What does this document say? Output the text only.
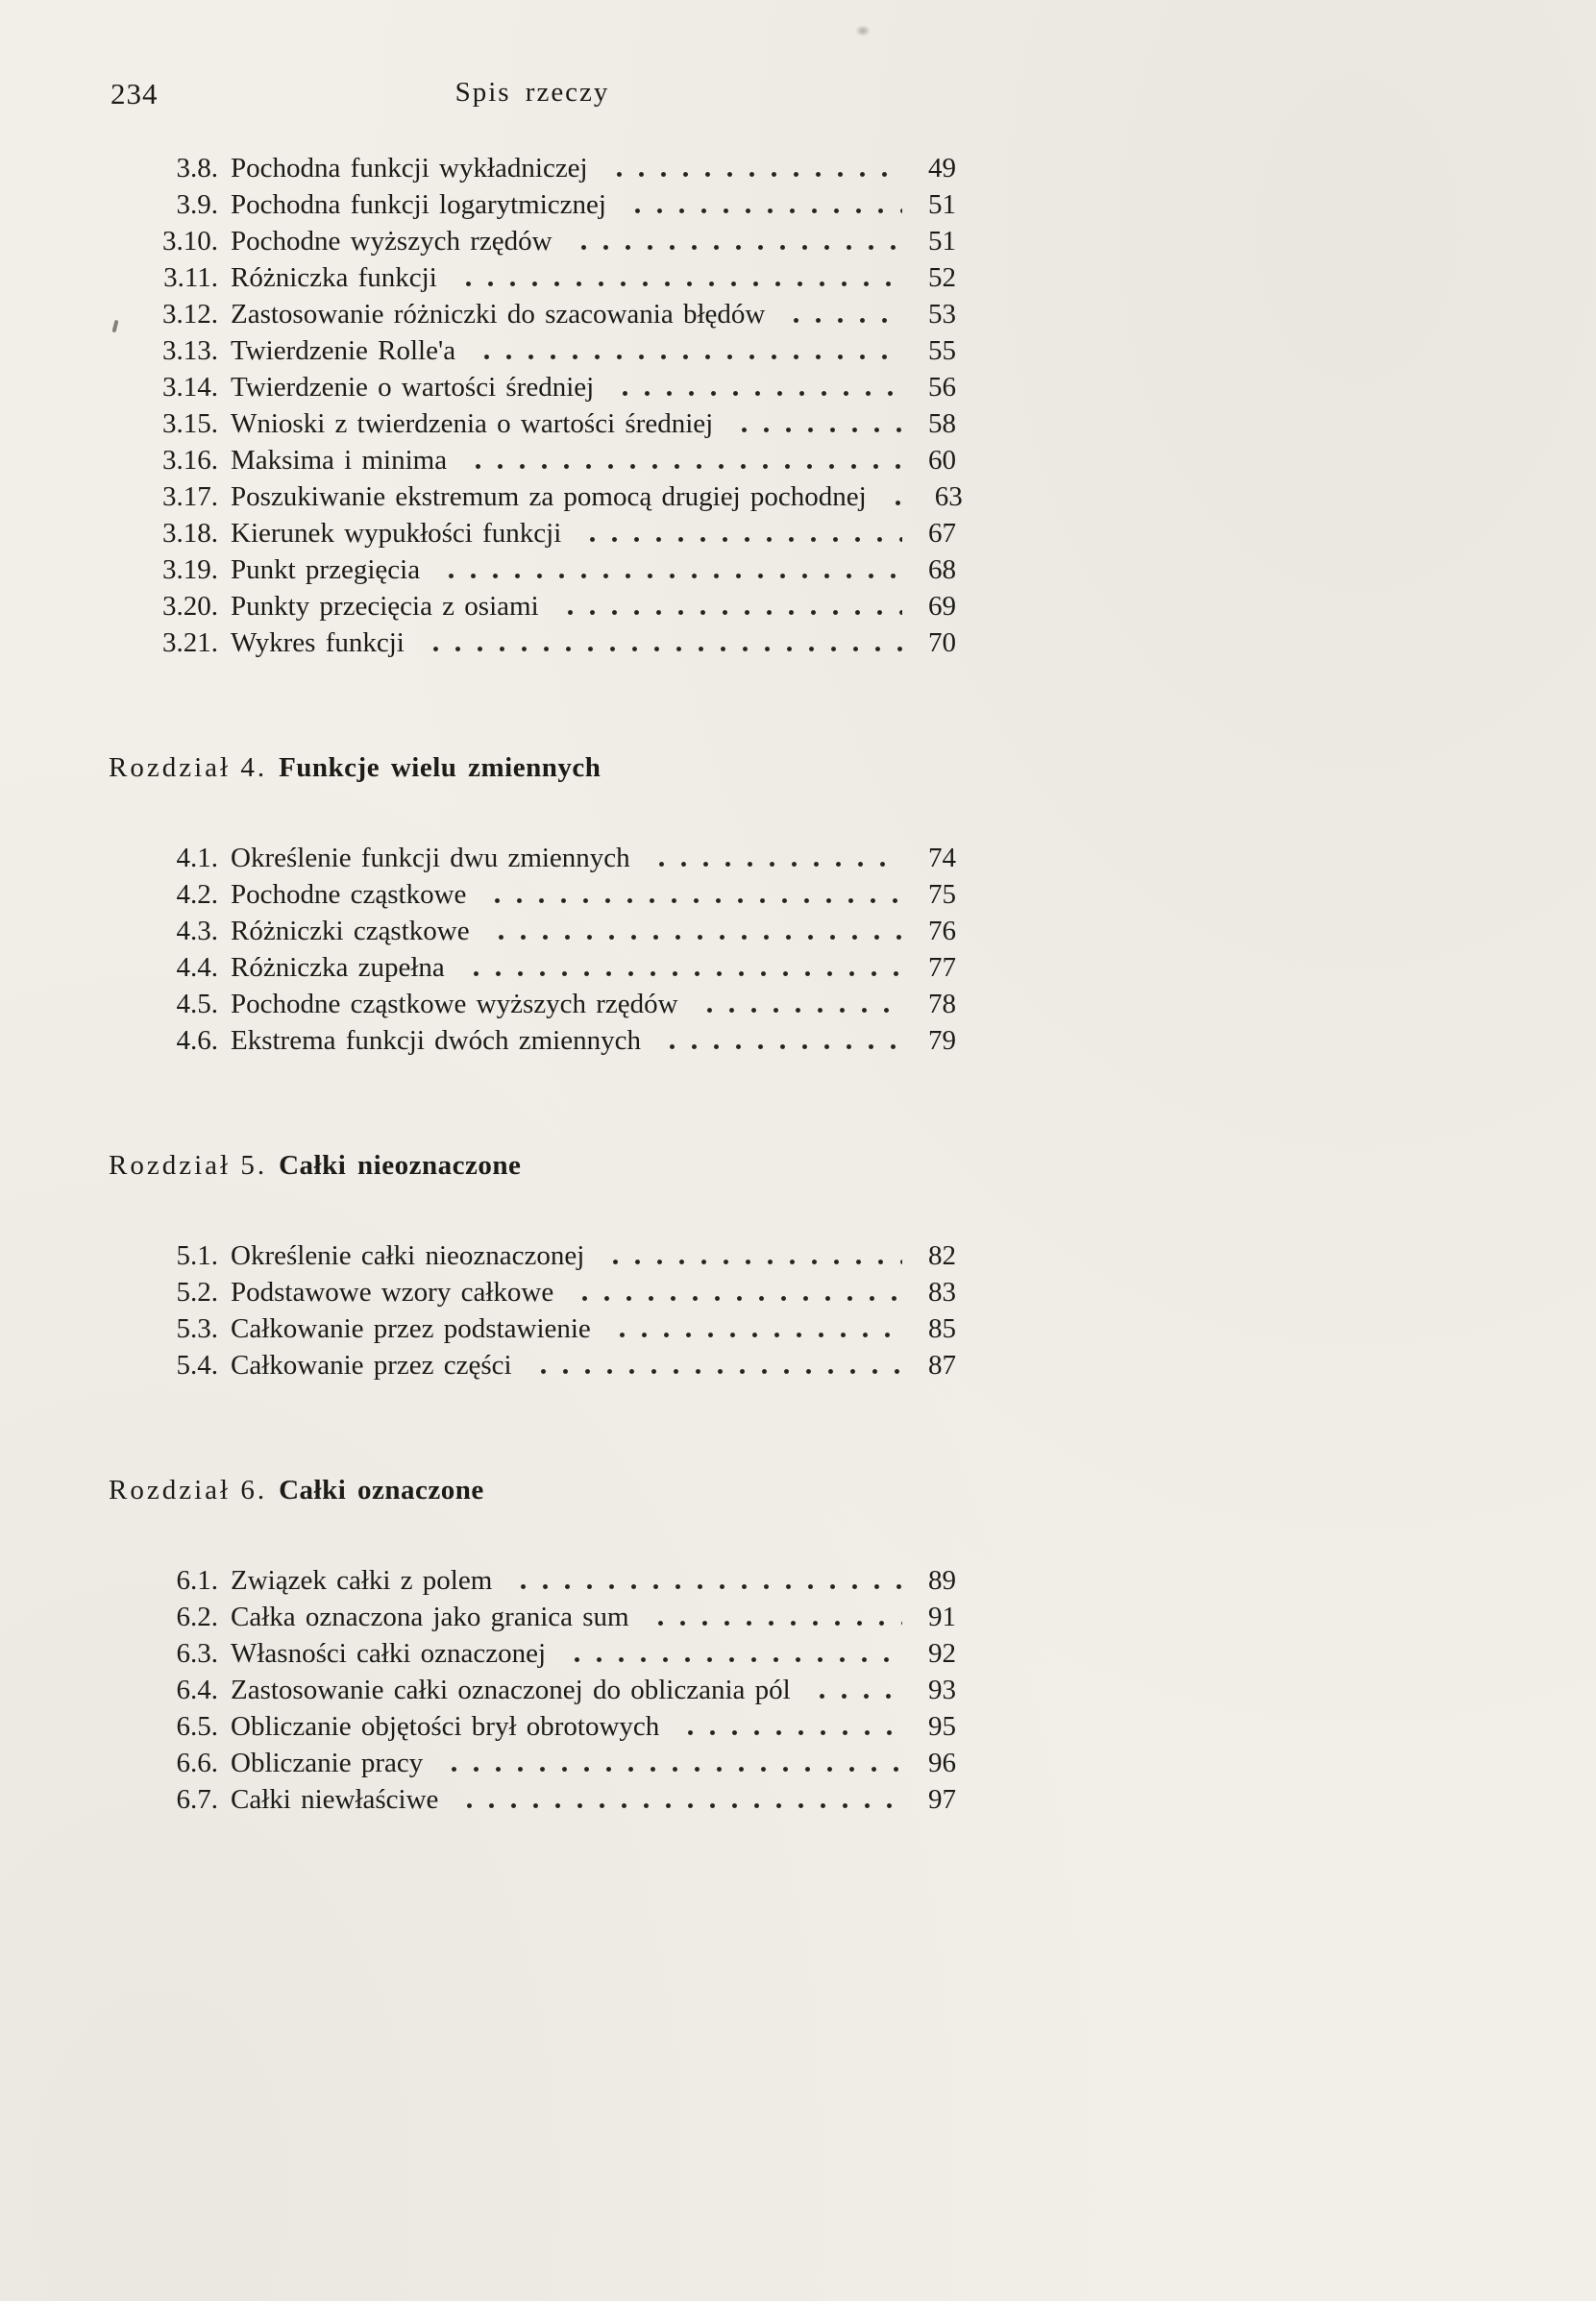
234	Spis rzeczy
3.8. Pochodna funkcji wykładniczej	49
3.9. Pochodna funkcji logarytmicznej	51
3.10. Pochodne wyższych rzędów	51
3.11. Różniczka funkcji	52
3.12. Zastosowanie różniczki do szacowania błędów	53
3.13. Twierdzenie Rolle'a	55
3.14. Twierdzenie o wartości średniej	56
3.15. Wnioski z twierdzenia o wartości średniej	58
3.16. Maksima i minima	60
3.17. Poszukiwanie ekstremum za pomocą drugiej pochodnej	63
3.18. Kierunek wypukłości funkcji	67
3.19. Punkt przegięcia	68
3.20. Punkty przecięcia z osiami	69
3.21. Wykres funkcji	70
Rozdział 4. Funkcje wielu zmiennych
4.1. Określenie funkcji dwu zmiennych	74
4.2. Pochodne cząstkowe	75
4.3. Różniczki cząstkowe	76
4.4. Różniczka zupełna	77
4.5. Pochodne cząstkowe wyższych rzędów	78
4.6. Ekstrema funkcji dwóch zmiennych	79
Rozdział 5. Całki nieoznaczone
5.1. Określenie całki nieoznaczonej	82
5.2. Podstawowe wzory całkowe	83
5.3. Całkowanie przez podstawienie	85
5.4. Całkowanie przez części	87
Rozdział 6. Całki oznaczone
6.1. Związek całki z polem	89
6.2. Całka oznaczona jako granica sum	91
6.3. Własności całki oznaczonej	92
6.4. Zastosowanie całki oznaczonej do obliczania pól	93
6.5. Obliczanie objętości brył obrotowych	95
6.6. Obliczanie pracy	96
6.7. Całki niewłaściwe	97
